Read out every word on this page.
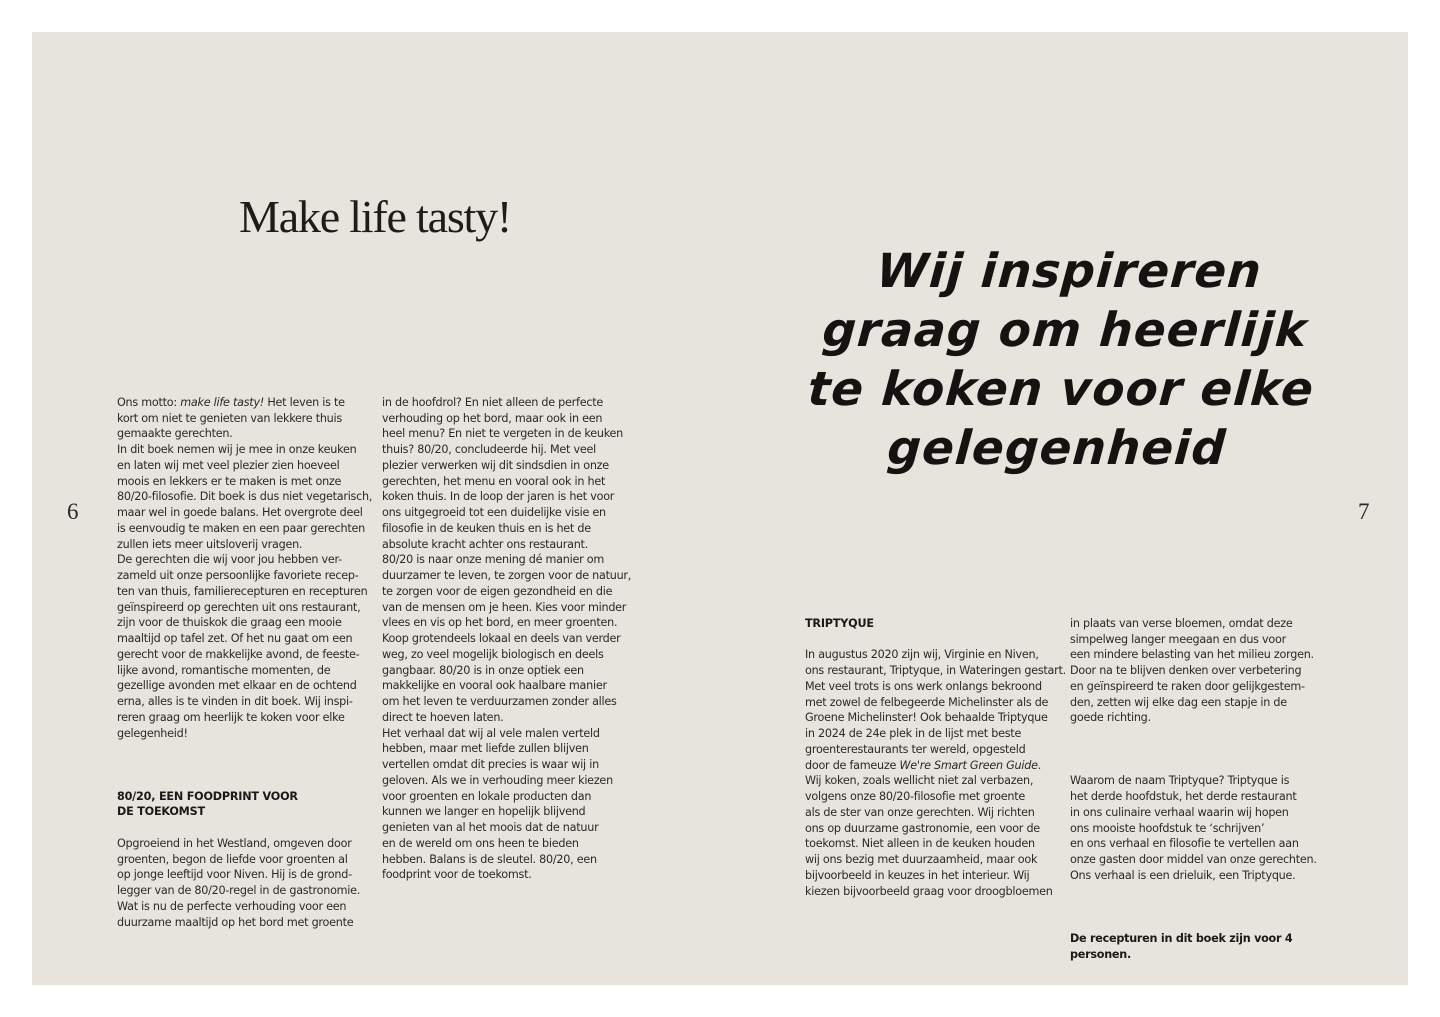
Make life tasty!
6	7

Ons motto: make life tasty! Het leven is te
kort om niet te genieten van lekkere thuis
gemaakte gerechten.
In dit boek nemen wij je mee in onze keuken
en laten wij met veel plezier zien hoeveel
moois en lekkers er te maken is met onze
80/20-filosofie. Dit boek is dus niet vegetarisch,
maar wel in goede balans. Het overgrote deel
is eenvoudig te maken en een paar gerechten
zullen iets meer uitsloverij vragen.
De gerechten die wij voor jou hebben ver-
zameld uit onze persoonlijke favoriete recep-
ten van thuis, familierecepturen en recepturen
geïnspireerd op gerechten uit ons restaurant,
zijn voor de thuiskok die graag een mooie
maaltijd op tafel zet. Of het nu gaat om een
gerecht voor de makkelijke avond, de feeste-
lijke avond, romantische momenten, de
gezellige avonden met elkaar en de ochtend
erna, alles is te vinden in dit boek. Wij inspi-
reren graag om heerlijk te koken voor elke
gelegenheid!

80/20, EEN FOODPRINT VOOR
DE TOEKOMST

Opgroeiend in het Westland, omgeven door
groenten, begon de liefde voor groenten al
op jonge leeftijd voor Niven. Hij is de grond-
legger van de 80/20-regel in de gastronomie.
Wat is nu de perfecte verhouding voor een
duurzame maaltijd op het bord met groente

in de hoofdrol? En niet alleen de perfecte
verhouding op het bord, maar ook in een
heel menu? En niet te vergeten in de keuken
thuis? 80/20, concludeerde hij. Met veel
plezier verwerken wij dit sindsdien in onze
gerechten, het menu en vooral ook in het
koken thuis. In de loop der jaren is het voor
ons uitgegroeid tot een duidelijke visie en
filosofie in de keuken thuis en is het de
absolute kracht achter ons restaurant.
80/20 is naar onze mening dé manier om
duurzamer te leven, te zorgen voor de natuur,
te zorgen voor de eigen gezondheid en die
van de mensen om je heen. Kies voor minder
vlees en vis op het bord, en meer groenten.
Koop grotendeels lokaal en deels van verder
weg, zo veel mogelijk biologisch en deels
gangbaar. 80/20 is in onze optiek een
makkelijke en vooral ook haalbare manier
om het leven te verduurzamen zonder alles
direct te hoeven laten.
Het verhaal dat wij al vele malen verteld
hebben, maar met liefde zullen blijven
vertellen omdat dit precies is waar wij in
geloven. Als we in verhouding meer kiezen
voor groenten en lokale producten dan
kunnen we langer en hopelijk blijvend
genieten van al het moois dat de natuur
en de wereld om ons heen te bieden
hebben. Balans is de sleutel. 80/20, een
foodprint voor de toekomst.

Wij inspireren
graag om heerlijk
te koken voor elke
gelegenheid

TRIPTYQUE

In augustus 2020 zijn wij, Virginie en Niven,
ons restaurant, Triptyque, in Wateringen gestart.
Met veel trots is ons werk onlangs bekroond
met zowel de felbegeerde Michelinster als de
Groene Michelinster! Ook behaalde Triptyque
in 2024 de 24e plek in de lijst met beste
groenterestaurants ter wereld, opgesteld
door de fameuze We're Smart Green Guide.
Wij koken, zoals wellicht niet zal verbazen,
volgens onze 80/20-filosofie met groente
als de ster van onze gerechten. Wij richten
ons op duurzame gastronomie, een voor de
toekomst. Niet alleen in de keuken houden
wij ons bezig met duurzaamheid, maar ook
bijvoorbeeld in keuzes in het interieur. Wij
kiezen bijvoorbeeld graag voor droogbloemen

in plaats van verse bloemen, omdat deze
simpelweg langer meegaan en dus voor
een mindere belasting van het milieu zorgen.
Door na te blijven denken over verbetering
en geïnspireerd te raken door gelijkgestem-
den, zetten wij elke dag een stapje in de
goede richting.

Waarom de naam Triptyque? Triptyque is
het derde hoofdstuk, het derde restaurant
in ons culinaire verhaal waarin wij hopen
ons mooiste hoofdstuk te ‘schrijven’
en ons verhaal en filosofie te vertellen aan
onze gasten door middel van onze gerechten.
Ons verhaal is een drieluik, een Triptyque.

De recepturen in dit boek zijn voor 4 personen.
